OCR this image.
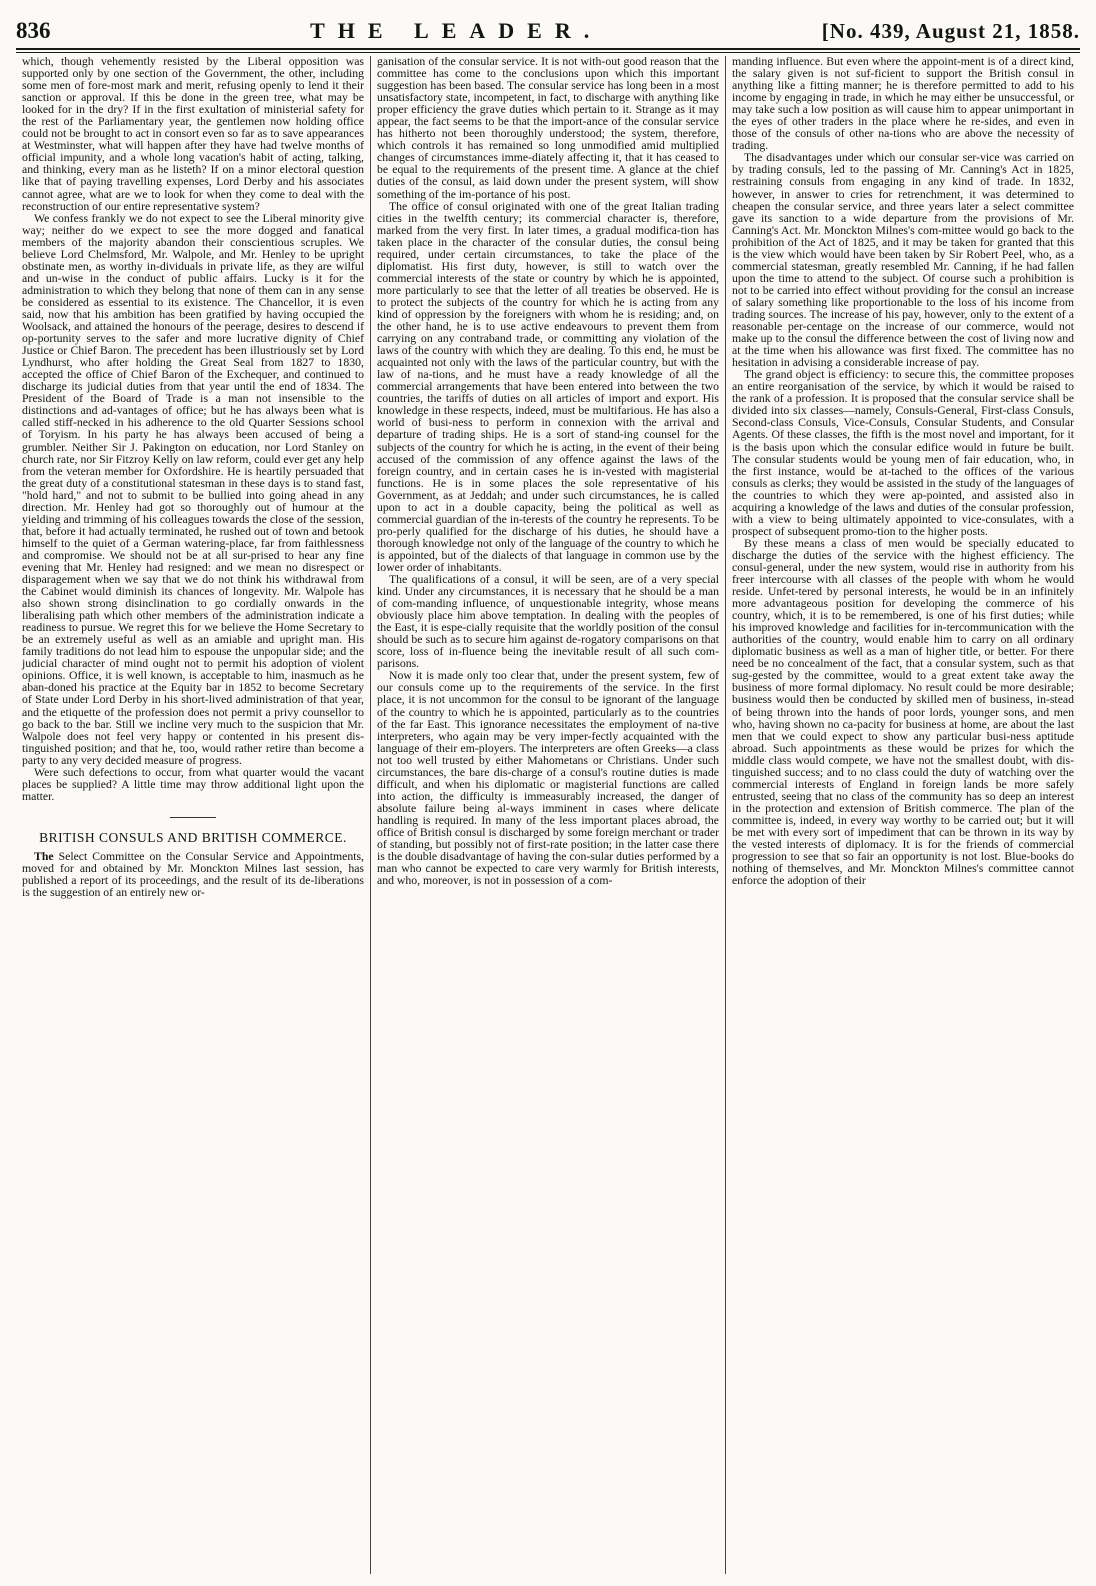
836	THE LEADER.	[No. 439, August 21, 1858.

which, though vehemently resisted by the Liberal opposition was supported only by one section of the Government, the other, including some men of fore-most mark and merit, refusing openly to lend it their sanction or approval. If this be done in the green tree, what may be looked for in the dry? If in the first exultation of ministerial safety for the rest of the Parliamentary year, the gentlemen now holding office could not be brought to act in consort even so far as to save appearances at Westminster, what will happen after they have had twelve months of official impunity, and a whole long vacation's habit of acting, talking, and thinking, every man as he listeth? If on a minor electoral question like that of paying travelling expenses, Lord Derby and his associates cannot agree, what are we to look for when they come to deal with the reconstruction of our entire representative system?

We confess frankly we do not expect to see the Liberal minority give way; neither do we expect to see the more dogged and fanatical members of the majority abandon their conscientious scruples. We believe Lord Chelmsford, Mr. Walpole, and Mr. Henley to be upright obstinate men, as worthy in-dividuals in private life, as they are wilful and un-wise in the conduct of public affairs. Lucky is it for the administration to which they belong that none of them can in any sense be considered as essential to its existence. The Chancellor, it is even said, now that his ambition has been gratified by having occupied the Woolsack, and attained the honours of the peerage, desires to descend if op-portunity serves to the safer and more lucrative dignity of Chief Justice or Chief Baron. The precedent has been illustriously set by Lord Lyndhurst, who after holding the Great Seal from 1827 to 1830, accepted the office of Chief Baron of the Exchequer, and continued to discharge its judicial duties from that year until the end of 1834. The President of the Board of Trade is a man not insensible to the distinctions and ad-vantages of office; but he has always been what is called stiff-necked in his adherence to the old Quarter Sessions school of Toryism. In his party he has always been accused of being a grumbler. Neither Sir J. Pakington on education, nor Lord Stanley on church rate, nor Sir Fitzroy Kelly on law reform, could ever get any help from the veteran member for Oxfordshire. He is heartily persuaded that the great duty of a constitutional statesman in these days is to stand fast, "hold hard," and not to submit to be bullied into going ahead in any direction. Mr. Henley had got so thoroughly out of humour at the yielding and trimming of his colleagues towards the close of the session, that, before it had actually terminated, he rushed out of town and betook himself to the quiet of a German watering-place, far from faithlessness and compromise. We should not be at all sur-prised to hear any fine evening that Mr. Henley had resigned: and we mean no disrespect or disparagement when we say that we do not think his withdrawal from the Cabinet would diminish its chances of longevity. Mr. Walpole has also shown strong disinclination to go cordially onwards in the liberalising path which other members of the administration indicate a readiness to pursue. We regret this for we believe the Home Secretary to be an extremely useful as well as an amiable and upright man. His family traditions do not lead him to espouse the unpopular side; and the judicial character of mind ought not to permit his adoption of violent opinions. Office, it is well known, is acceptable to him, inasmuch as he aban-doned his practice at the Equity bar in 1852 to become Secretary of State under Lord Derby in his short-lived administration of that year, and the etiquette of the profession does not permit a privy counsellor to go back to the bar. Still we incline very much to the suspicion that Mr. Walpole does not feel very happy or contented in his present dis-tinguished position; and that he, too, would rather retire than become a party to any very decided measure of progress.

Were such defections to occur, from what quarter would the vacant places be supplied? A little time may throw additional light upon the matter.

BRITISH CONSULS AND BRITISH COMMERCE.

The Select Committee on the Consular Service and Appointments, moved for and obtained by Mr. Monckton Milnes last session, has published a report of its proceedings, and the result of its de-liberations is the suggestion of an entirely new or-

ganisation of the consular service. It is not with-out good reason that the committee has come to the conclusions upon which this important suggestion has been based. The consular service has long been in a most unsatisfactory state, incompetent, in fact, to discharge with anything like proper efficiency the grave duties which pertain to it. Strange as it may appear, the fact seems to be that the import-ance of the consular service has hitherto not been thoroughly understood; the system, therefore, which controls it has remained so long unmodified amid multiplied changes of circumstances imme-diately affecting it, that it has ceased to be equal to the requirements of the present time. A glance at the chief duties of the consul, as laid down under the present system, will show something of the im-portance of his post.

The office of consul originated with one of the great Italian trading cities in the twelfth century; its commercial character is, therefore, marked from the very first. In later times, a gradual modifica-tion has taken place in the character of the consular duties, the consul being required, under certain circumstances, to take the place of the diplomatist. His first duty, however, is still to watch over the commercial interests of the state or country by which he is appointed, more particularly to see that the letter of all treaties be observed. He is to protect the subjects of the country for which he is acting from any kind of oppression by the foreigners with whom he is residing; and, on the other hand, he is to use active endeavours to prevent them from carrying on any contraband trade, or committing any violation of the laws of the country with which they are dealing. To this end, he must be acquainted not only with the laws of the particular country, but with the law of na-tions, and he must have a ready knowledge of all the commercial arrangements that have been entered into between the two countries, the tariffs of duties on all articles of import and export. His knowledge in these respects, indeed, must be multifarious. He has also a world of busi-ness to perform in connexion with the arrival and departure of trading ships. He is a sort of stand-ing counsel for the subjects of the country for which he is acting, in the event of their being accused of the commission of any offence against the laws of the foreign country, and in certain cases he is in-vested with magisterial functions. He is in some places the sole representative of his Government, as at Jeddah; and under such circumstances, he is called upon to act in a double capacity, being the political as well as commercial guardian of the in-terests of the country he represents. To be pro-perly qualified for the discharge of his duties, he should have a thorough knowledge not only of the language of the country to which he is appointed, but of the dialects of that language in common use by the lower order of inhabitants.

The qualifications of a consul, it will be seen, are of a very special kind. Under any circumstances, it is necessary that he should be a man of com-manding influence, of unquestionable integrity, whose means obviously place him above temptation. In dealing with the peoples of the East, it is espe-cially requisite that the worldly position of the consul should be such as to secure him against de-rogatory comparisons on that score, loss of in-fluence being the inevitable result of all such com-parisons.

Now it is made only too clear that, under the present system, few of our consuls come up to the requirements of the service. In the first place, it is not uncommon for the consul to be ignorant of the language of the country to which he is appointed, particularly as to the countries of the far East. This ignorance necessitates the employment of na-tive interpreters, who again may be very imper-fectly acquainted with the language of their em-ployers. The interpreters are often Greeks—a class not too well trusted by either Mahometans or Christians. Under such circumstances, the bare dis-charge of a consul's routine duties is made difficult, and when his diplomatic or magisterial functions are called into action, the difficulty is immeasurably increased, the danger of absolute failure being al-ways imminent in cases where delicate handling is required. In many of the less important places abroad, the office of British consul is discharged by some foreign merchant or trader of standing, but possibly not of first-rate position; in the latter case there is the double disadvantage of having the con-sular duties performed by a man who cannot be expected to care very warmly for British interests, and who, moreover, is not in possession of a com-

manding influence. But even where the appoint-ment is of a direct kind, the salary given is not suf-ficient to support the British consul in anything like a fitting manner; he is therefore permitted to add to his income by engaging in trade, in which he may either be unsuccessful, or may take such a low position as will cause him to appear unimportant in the eyes of other traders in the place where he re-sides, and even in those of the consuls of other na-tions who are above the necessity of trading.

The disadvantages under which our consular ser-vice was carried on by trading consuls, led to the passing of Mr. Canning's Act in 1825, restraining consuls from engaging in any kind of trade. In 1832, however, in answer to cries for retrenchment, it was determined to cheapen the consular service, and three years later a select committee gave its sanction to a wide departure from the provisions of Mr. Canning's Act. Mr. Monckton Milnes's com-mittee would go back to the prohibition of the Act of 1825, and it may be taken for granted that this is the view which would have been taken by Sir Robert Peel, who, as a commercial statesman, greatly resembled Mr. Canning, if he had fallen upon the time to attend to the subject. Of course such a prohibition is not to be carried into effect without providing for the consul an increase of salary something like proportionable to the loss of his income from trading sources. The increase of his pay, however, only to the extent of a reasonable per-centage on the increase of our commerce, would not make up to the consul the difference between the cost of living now and at the time when his allowance was first fixed. The committee has no hesitation in advising a considerable increase of pay.

The grand object is efficiency: to secure this, the committee proposes an entire reorganisation of the service, by which it would be raised to the rank of a profession. It is proposed that the consular service shall be divided into six classes—namely, Consuls-General, First-class Consuls, Second-class Consuls, Vice-Consuls, Consular Students, and Consular Agents. Of these classes, the fifth is the most novel and important, for it is the basis upon which the consular edifice would in future be built. The consular students would be young men of fair education, who, in the first instance, would be at-tached to the offices of the various consuls as clerks; they would be assisted in the study of the languages of the countries to which they were ap-pointed, and assisted also in acquiring a knowledge of the laws and duties of the consular profession, with a view to being ultimately appointed to vice-consulates, with a prospect of subsequent promo-tion to the higher posts.

By these means a class of men would be specially educated to discharge the duties of the service with the highest efficiency. The consul-general, under the new system, would rise in authority from his freer intercourse with all classes of the people with whom he would reside. Unfet-tered by personal interests, he would be in an infinitely more advantageous position for developing the commerce of his country, which, it is to be remembered, is one of his first duties; while his improved knowledge and facilities for in-tercommunication with the authorities of the country, would enable him to carry on all ordinary diplomatic business as well as a man of higher title, or better. For there need be no concealment of the fact, that a consular system, such as that sug-gested by the committee, would to a great extent take away the business of more formal diplomacy. No result could be more desirable; business would then be conducted by skilled men of business, in-stead of being thrown into the hands of poor lords, younger sons, and men who, having shown no ca-pacity for business at home, are about the last men that we could expect to show any particular busi-ness aptitude abroad. Such appointments as these would be prizes for which the middle class would compete, we have not the smallest doubt, with dis-tinguished success; and to no class could the duty of watching over the commercial interests of England in foreign lands be more safely entrusted, seeing that no class of the community has so deep an interest in the protection and extension of British commerce. The plan of the committee is, indeed, in every way worthy to be carried out; but it will be met with every sort of impediment that can be thrown in its way by the vested interests of diplomacy. It is for the friends of commercial progression to see that so fair an opportunity is not lost. Blue-books do nothing of themselves, and Mr. Monckton Milnes's committee cannot enforce the adoption of their
